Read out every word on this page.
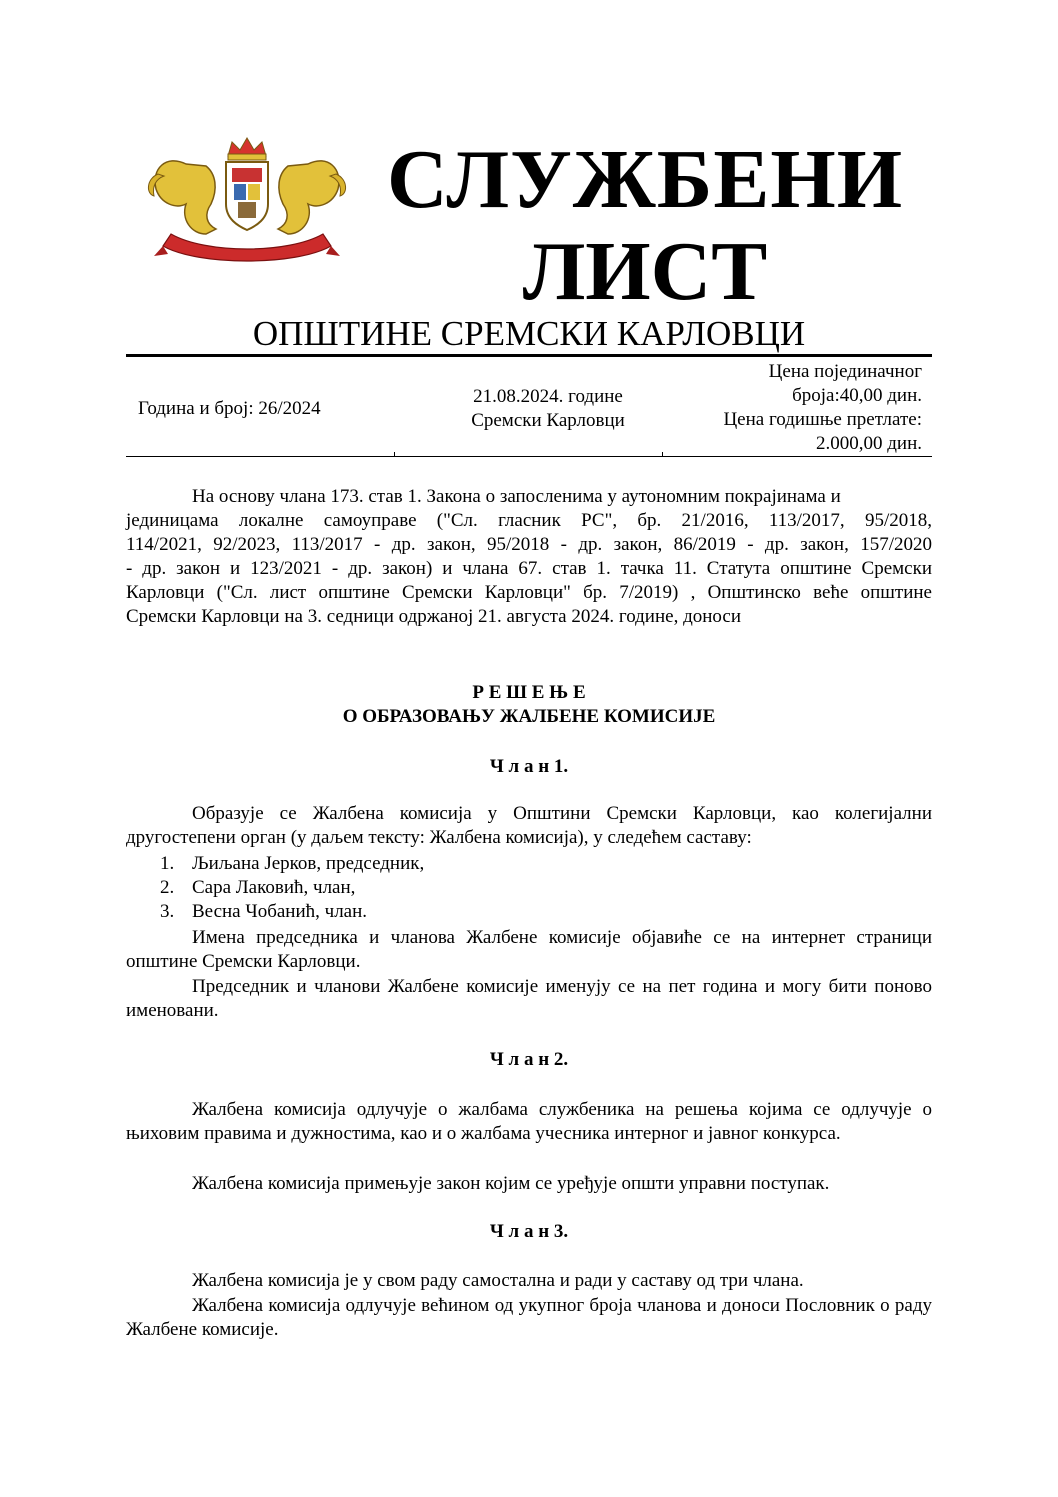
СЛУЖБЕНИ
ЛИСТ
ОПШТИНЕ СРЕМСКИ КАРЛОВЦИ
Година и број: 26/2024
21.08.2024. године
Сремски Карловци
Цена појединачног
броја:40,00 дин.
Цена годишње претлате:
2.000,00 дин.
На основу члана 173. став 1. Закона о запосленима у аутономним покрајинама и
јединицама локалне самоуправе ("Сл. гласник РС", бр. 21/2016, 113/2017, 95/2018,
114/2021, 92/2023, 113/2017 - др. закон, 95/2018 - др. закон, 86/2019 - др. закон, 157/2020
- др. закон и 123/2021 - др. закон) и члана 67. став 1. тачка 11. Статута општине Сремски
Карловци ("Сл. лист општине Сремски Карловци" бр. 7/2019) , Општинско веће општине
Сремски Карловци на 3. седници одржаној 21. августа 2024. године, доноси
Р Е Ш Е Њ Е
О ОБРАЗОВАЊУ ЖАЛБЕНЕ КОМИСИЈЕ
Ч л а н 1.
Образује се Жалбена комисија у Општини Сремски Карловци, као колегијални другостепени орган (у даљем тексту: Жалбена комисија), у следећем саставу:
1. Љиљана Јерков, председник,
2. Сара Лаковић, члан,
3. Весна Чобанић, члан.
Имена председника и чланова Жалбене комисије објавиће се на интернет страници општине Сремски Карловци.
Председник и чланови Жалбене комисије именују се на пет година и могу бити поново именовани.
Ч л а н 2.
Жалбена комисија одлучује о жалбама службеника на решења којима се одлучује о њиховим правима и дужностима, као и о жалбама учесника интерног и јавног конкурса.
Жалбена комисија примењује закон којим се уређује општи управни поступак.
Ч л а н 3.
Жалбена комисија је у свом раду самостална и ради у саставу од три члана.
Жалбена комисија одлучује већином од укупног броја чланова и доноси Пословник о раду Жалбене комисије.
